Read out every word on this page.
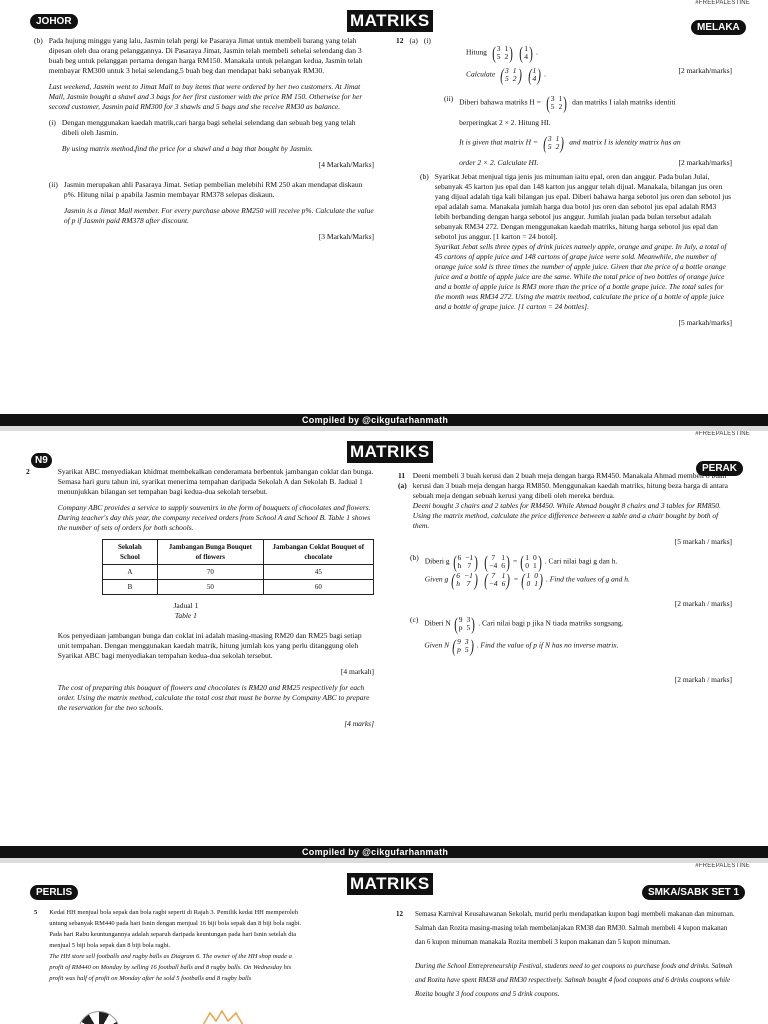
#FREEPALESTINE
MATRIKS
JOHOR
MELAKA
(b) Pada hujung minggu yang lalu, Jasmin telah pergi ke Pasaraya Jimat untuk membeli barang yang telah dipesan oleh dua orang pelanggannya. Di Pasaraya Jimat, Jasmin telah membeli sehelai selendang dan 3 buah beg untuk pelanggan pertama dengan harga RM150. Manakala untuk pelangan kedua, Jasmin telah membayar RM300 untuk 3 helai selendang,5 buah beg dan mendapat baki sebanyak RM30.

Last weekend, Jasmin went to Jimat Mall to buy items that were ordered by her two customers. At Jimat Mall, Jasmin bought a shawl and 3 bags for her first customer with the price RM 150. Otherwise for her second customer, Jasmin paid RM300 for 3 shawls and 5 bags and she receive RM30 as balance.

(i) Dengan menggunakan kaedah matrik,cari harga bagi sehelai selendang dan sebuah beg yang telah dibeli oleh Jasmin.

By using matrix method,find the price for a shawl and a bag that bought by Jasmin.

[4 Markah/Marks]

(ii) Jasmin merupakan ahli Pasaraya Jimat. Setiap pembelian melebihi RM 250 akan mendapat diskaun p%. Hitung nilai p apabila Jasmin membayar RM378 selepas diskaun.

Jasmin is a Jimat Mall member. For every purchase above RM250 will receive p%. Calculate the value of p if Jasmin paid RM378 after discount.

[3 Markah/Marks]

12 (a) (i)
Hitung ( 3 1
5 2 ) ( 1
4 ) .
Calculate ( 3 1
5 2 ) ( 1
4 ) .	[2 markah/marks]
(ii) Diberi bahawa matriks H = ( 3 1
5 2 ) dan matriks I ialah matriks identiti

berperingkat 2 × 2. Hitung HI.

It is given that matrix H = ( 3 1
5 2 ) and matrix I is identity matrix has an

order 2 × 2. Calculate HI.	[2 markah/marks]
(b) Syarikat Jebat menjual tiga jenis jus minuman iaitu epal, oren dan anggur. Pada bulan Julai, sebanyak 45 karton jus epal dan 148 karton jus anggur telah dijual. Manakala, bilangan jus oren yang dijual adalah tiga kali bilangan jus epal. Diberi bahawa harga sebotol jus oren dan sebotol jus epal adalah sama. Manakala jumlah harga dua botol jus oren dan sebotol jus epal adalah RM3 lebih berbanding dengan harga sebotol jus anggur. Jumlah jualan pada bulan tersebut adalah sebanyak RM34 272. Dengan menggunakan kaedah matriks, hitung harga sebotol jus epal dan sebotol jus anggur. [1 karton = 24 botol].

Syarikat Jebat sells three types of drink juices namely apple, orange and grape. In July, a total of 45 cartons of apple juice and 148 cartons of grape juice were sold. Meanwhile, the number of orange juice sold is three times the number of apple juice. Given that the price of a bottle orange juice and a bottle of apple juice are the same. While the total price of two bottles of orange juice and a bottle of apple juice is RM3 more than the price of a bottle grape juice. The total sales for the month was RM34 272. Using the matrix method, calculate the price of a bottle of apple juice and a bottle of grape juice. [1 carton = 24 bottles].

[5 markah/marks]

Compiled by @cikgufarhanmath
#FREEPALESTINE
MATRIKS
N9
PERAK
2	Syarikat ABC menyediakan khidmat membekalkan cenderamata berbentuk jambangan coklat dan bunga. Semasa hari guru tahun ini, syarikat menerima tempahan daripada Sekolah A dan Sekolah B. Jadual 1 menunjukkan bilangan set tempahan bagi kedua-dua sekolah tersebut.

Company ABC provides a service to supply souvenirs in the form of bouquets of chocolates and flowers. During teacher's day this year, the company received orders from School A and School B. Table 1 shows the number of sets of orders for both schools.

Sekolah School	Jambangan Bunga Bouquet of flowers	Jambangan Coklat Bouquet of chocolate
A	70	45
B	50	60
Jadual 1
Table 1

Kos penyediaan jambangan bunga dan coklat ini adalah masing-masing RM20 dan RM25 bagi setiap unit tempahan. Dengan menggunakan kaedah matrik, hitung jumlah kos yang perlu ditanggung oleh Syarikat ABC bagi menyediakan tempahan kedua-dua sekolah tersebut.

[4 markah]

The cost of preparing this bouquet of flowers and chocolates is RM20 and RM25 respectively for each order. Using the matrix method, calculate the total cost that must be borne by Company ABC to prepare the reservation for the two schools.

[4 marks]

11 (a)

Deeni membeli 3 buah kerusi dan 2 buah meja dengan harga RM450. Manakala Ahmad membeli 8 buah kerusi dan 3 buah meja dengan harga RM850. Menggunakan kaedah matriks, hitung beza harga di antara sebuah meja dengan sebuah kerusi yang dibeli oleh mereka berdua.

Deeni bought 3 chairs and 2 tables for RM450. While Ahmad bought 8 chairs and 3 tables for RM850. Using the matrix method, calculate the price difference between a table and a chair bought by both of them.

[5 markah / marks]

(b) Diberi g ( 6 −1
h 7 ) ( 7 1
−4 6 ) = ( 1 0
0 1 ) . Cari nilai bagi g dan h.
Given g ( 6 −1
h 7 ) ( 7 1
−4 6 ) = ( 1 0
0 1 ) . Find the values of g and h.

[2 markah / marks]

(c) Diberi N ( 9 3
p 5 ) . Cari nilai bagi p jika N tiada matriks songsang.
Given N ( 9 3
p 5 ) . Find the value of p if N has no inverse matrix.

[2 markah / marks]

Compiled by @cikgufarhanmath
#FREEPALESTINE
MATRIKS
PERLIS	SMKA/SABK SET 1
5 Kedai HH menjual bola sepak dan bola ragbi seperti di Rajah 3. Pemilik kedai HH memperoleh untung sebanyak RM440 pada hari Isnin dengan menjual 16 biji bola sepak dan 8 biji bola ragbi. Pada hari Rabu keuntungannya adalah separuh daripada keuntungan pada hari Isnin setelah dia menjual 5 biji bola sepak dan 8 biji bola ragbi.

The HH store sell footballs and rugby balls as Diagram 6. The owner of the HH shop made a profit of RM440 on Monday by selling 16 football balls and 8 rugby balls. On Wednesday his profit was half of profit on Monday after he sold 5 footballs and 8 rugby balls

12 Semasa Karnival Keusahawanan Sekolah, murid perlu mendapatkan kupon bagi membeli makanan dan minuman. Salmah dan Rozita masing-masing telah membelanjakan RM38 dan RM30. Salmah membeli 4 kupon makanan dan 6 kupon minuman manakala Rozita membeli 3 kupon makanan dan 5 kupon minuman.

During the School Entrepreneurship Festival, students need to get coupons to purchase foods and drinks. Salmah and Rozita have spent RM38 and RM30 respectively. Salmah bought 4 food coupons and 6 drinks coupons while Rozita bought 3 food coupons and 5 drink coupons.
